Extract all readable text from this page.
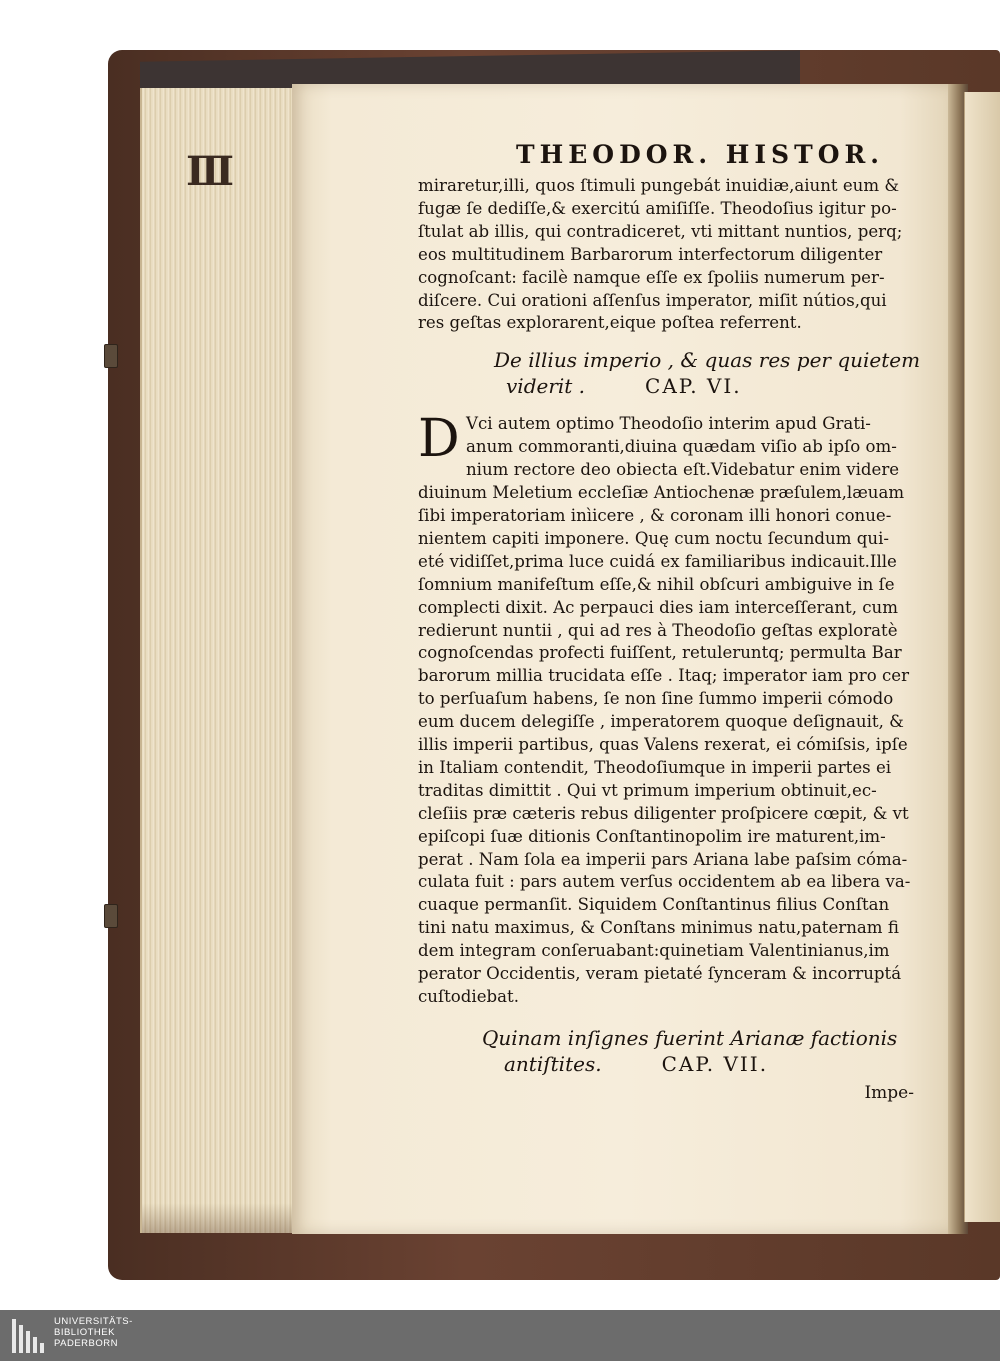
III	THEODOR. HISTOR.
miraretur,illi, quos ſtimuli pungebát inuidiæ,aiunt eum &
fugæ ſe dediſſe,& exercitú amiſiſſe. Theodoſius igitur po-
ſtulat ab illis, qui contradiceret, vti mittant nuntios, perq;
eos multitudinem Barbarorum interfectorum diligenter
cognoſcant: facilè namque eſſe ex ſpoliis numerum per-
diſcere. Cui orationi aſſenſus imperator, miſit nútios,qui
res geſtas explorarent,eique poſtea referrent.
De illius imperio , & quas res per quietem
viderit .	CAP. VI.
D Vci autem optimo Theodoſio interim apud Grati-
anum commoranti,diuina quædam viſio ab ipſo om-
nium rectore deo obiecta eſt.Videbatur enim videre
diuinum Meletium eccleſiæ Antiochenæ præſulem,læuam
ſibi imperatoriam inìicere , & coronam illi honori conue-
nientem capiti imponere. Quę cum noctu ſecundum qui-
eté vidiſſet,prima luce cuidá ex familiaribus indicauit.Ille
ſomnium manifeſtum eſſe,& nihil obſcuri ambiguive in ſe
complecti dixit. Ac perpauci dies iam interceſſerant, cum
redierunt nuntii , qui ad res à Theodoſio geſtas exploratè
cognoſcendas profecti fuiſſent, retuleruntq; permulta Bar
barorum millia trucidata eſſe . Itaq; imperator iam pro cer
to perſuaſum habens, ſe non ſine ſummo imperii cómodo
eum ducem delegiſſe , imperatorem quoque deſignauit, &
illis imperii partibus, quas Valens rexerat, ei cómiſsis, ipſe
in Italiam contendit, Theodoſiumque in imperii partes ei
traditas dimittit . Qui vt primum imperium obtinuit,ec-
cleſiis præ cæteris rebus diligenter proſpicere cœpit, & vt
epiſcopi ſuæ ditionis Conſtantinopolim ire maturent,im-
perat . Nam ſola ea imperii pars Ariana labe paſsim cóma-
culata fuit : pars autem verſus occidentem ab ea libera va-
cuaque permanſit. Siquidem Conſtantinus filius Conſtan
tini natu maximus, & Conſtans minimus natu,paternam fi
dem integram conſeruabant:quinetiam Valentinianus,im
perator Occidentis, veram pietaté ſynceram & incorruptá
cuſtodiebat.
Quinam inſignes fuerint Arianæ factionis
antiſtites.	CAP. VII.
Impe-
UNIVERSITÄTS-
BIBLIOTHEK
PADERBORN
